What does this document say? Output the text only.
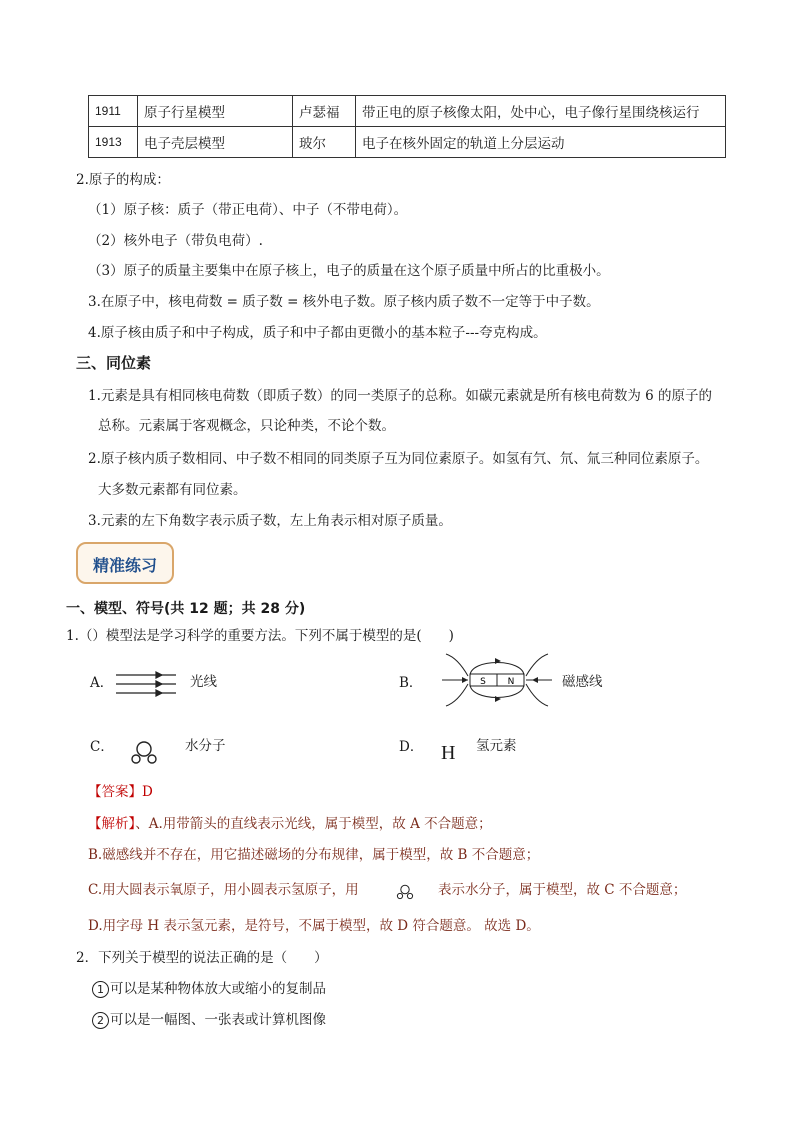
1911	原子行星模型	卢瑟福	带正电的原子核像太阳，处中心，电子像行星围绕核运行
1913	电子壳层模型	玻尔	电子在核外固定的轨道上分层运动
2.原子的构成：
（1）原子核：质子（带正电荷）、中子（不带电荷）。
（2）核外电子（带负电荷）.
（3）原子的质量主要集中在原子核上，电子的质量在这个原子质量中所占的比重极小。
3.在原子中，核电荷数 = 质子数 = 核外电子数。原子核内质子数不一定等于中子数。
4.原子核由质子和中子构成，质子和中子都由更微小的基本粒子---夸克构成。
三、同位素
1.元素是具有相同核电荷数（即质子数）的同一类原子的总称。如碳元素就是所有核电荷数为 6 的原子的
总称。元素属于客观概念，只论种类，不论个数。
2.原子核内质子数相同、中子数不相同的同类原子互为同位素原子。如氢有氕、氘、氚三种同位素原子。
大多数元素都有同位素。
3.元素的左下角数字表示质子数，左上角表示相对原子质量。
精准练习
一、模型、符号(共 12 题；共 28 分)
1.（）模型法是学习科学的重要方法。下列不属于模型的是(　　)
A．	光线	B．	S N	磁感线
C．	水分子	D． H 氢元素
【答案】D
【解析】、A.用带箭头的直线表示光线，属于模型，故 A 不合题意；
B.磁感线并不存在，用它描述磁场的分布规律，属于模型，故 B 不合题意；
C.用大圆表示氧原子，用小圆表示氢原子，用	表示水分子，属于模型，故 C 不合题意；
D.用字母 H 表示氢元素，是符号，不属于模型，故 D 符合题意。 故选 D。
2．下列关于模型的说法正确的是（　　）
1 可以是某种物体放大或缩小的复制品
2 可以是一幅图、一张表或计算机图像
